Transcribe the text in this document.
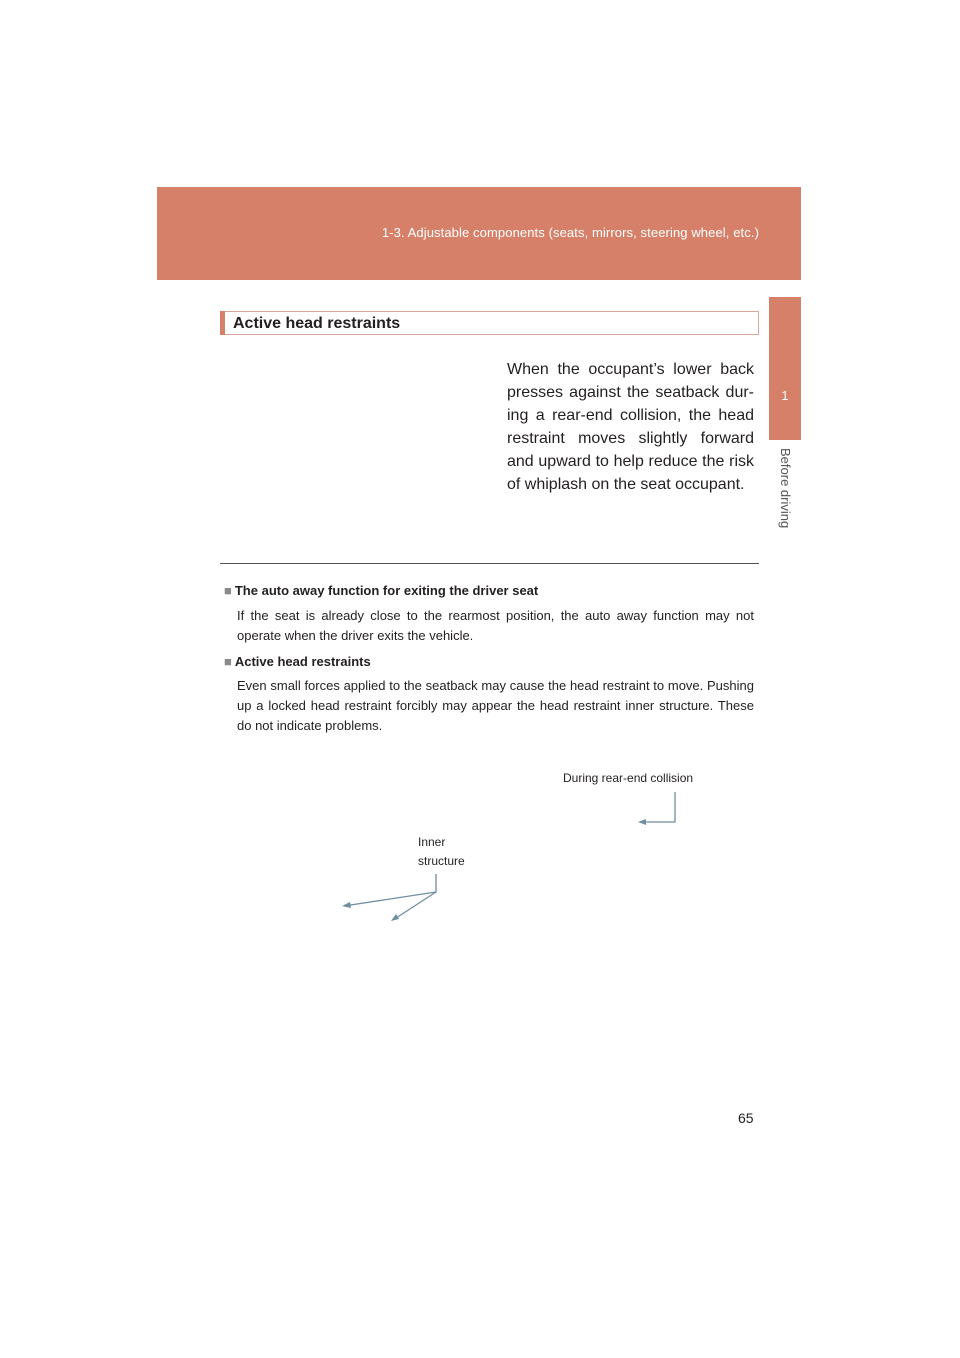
1-3. Adjustable components (seats, mirrors, steering wheel, etc.)
1
Before driving
Active head restraints
When the occupant’s lower back presses against the seatback dur-ing a rear-end collision, the head restraint moves slightly forward and upward to help reduce the risk of whiplash on the seat occupant.
■ The auto away function for exiting the driver seat
If the seat is already close to the rearmost position, the auto away function may not operate when the driver exits the vehicle.
■ Active head restraints
Even small forces applied to the seatback may cause the head restraint to move. Pushing up a locked head restraint forcibly may appear the head restraint inner structure. These do not indicate problems.
During rear-end collision
Inner
structure
65
